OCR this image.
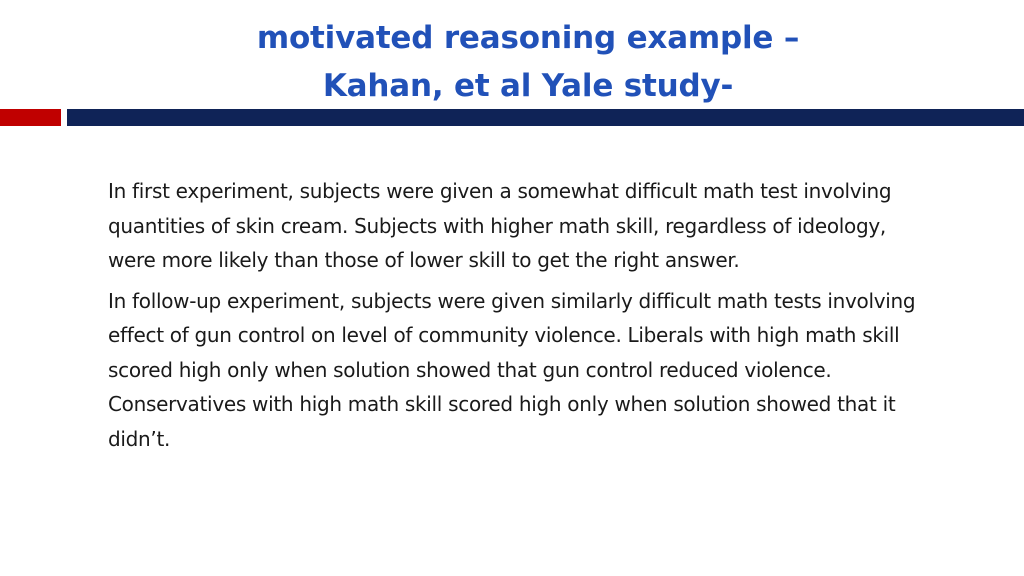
motivated reasoning example –
Kahan, et al Yale study-

In first experiment, subjects were given a somewhat difficult math test involving quantities of skin cream. Subjects with higher math skill, regardless of ideology, were more likely than those of lower skill to get the right answer.

In follow-up experiment, subjects were given similarly difficult math tests involving effect of gun control on level of community violence. Liberals with high math skill scored high only when solution showed that gun control reduced violence. Conservatives with high math skill scored high only when solution showed that it didn’t.
